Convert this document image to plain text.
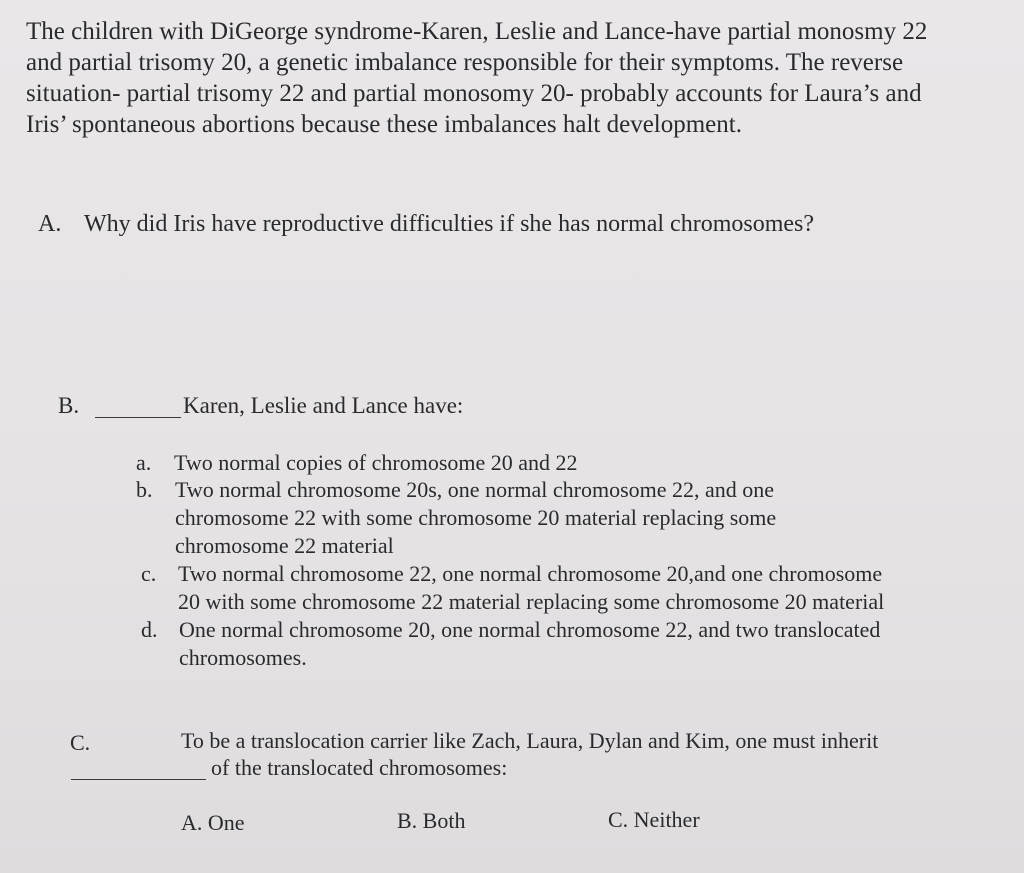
The children with DiGeorge syndrome-Karen, Leslie and Lance-have partial monosmy 22
and partial trisomy 20, a genetic imbalance responsible for their symptoms. The reverse
situation- partial trisomy 22 and partial monosomy 20- probably accounts for Laura’s and
Iris’ spontaneous abortions because these imbalances halt development.
A. Why did Iris have reproductive difficulties if she has normal chromosomes?
B.	Karen, Leslie and Lance have:
a. Two normal copies of chromosome 20 and 22
b. Two normal chromosome 20s, one normal chromosome 22, and one
chromosome 22 with some chromosome 20 material replacing some
chromosome 22 material
c. Two normal chromosome 22, one normal chromosome 20,and one chromosome
20 with some chromosome 22 material replacing some chromosome 20 material
d. One normal chromosome 20, one normal chromosome 22, and two translocated
chromosomes.
C.	To be a translocation carrier like Zach, Laura, Dylan and Kim, one must inherit
of the translocated chromosomes:
A. One	B. Both	C. Neither
